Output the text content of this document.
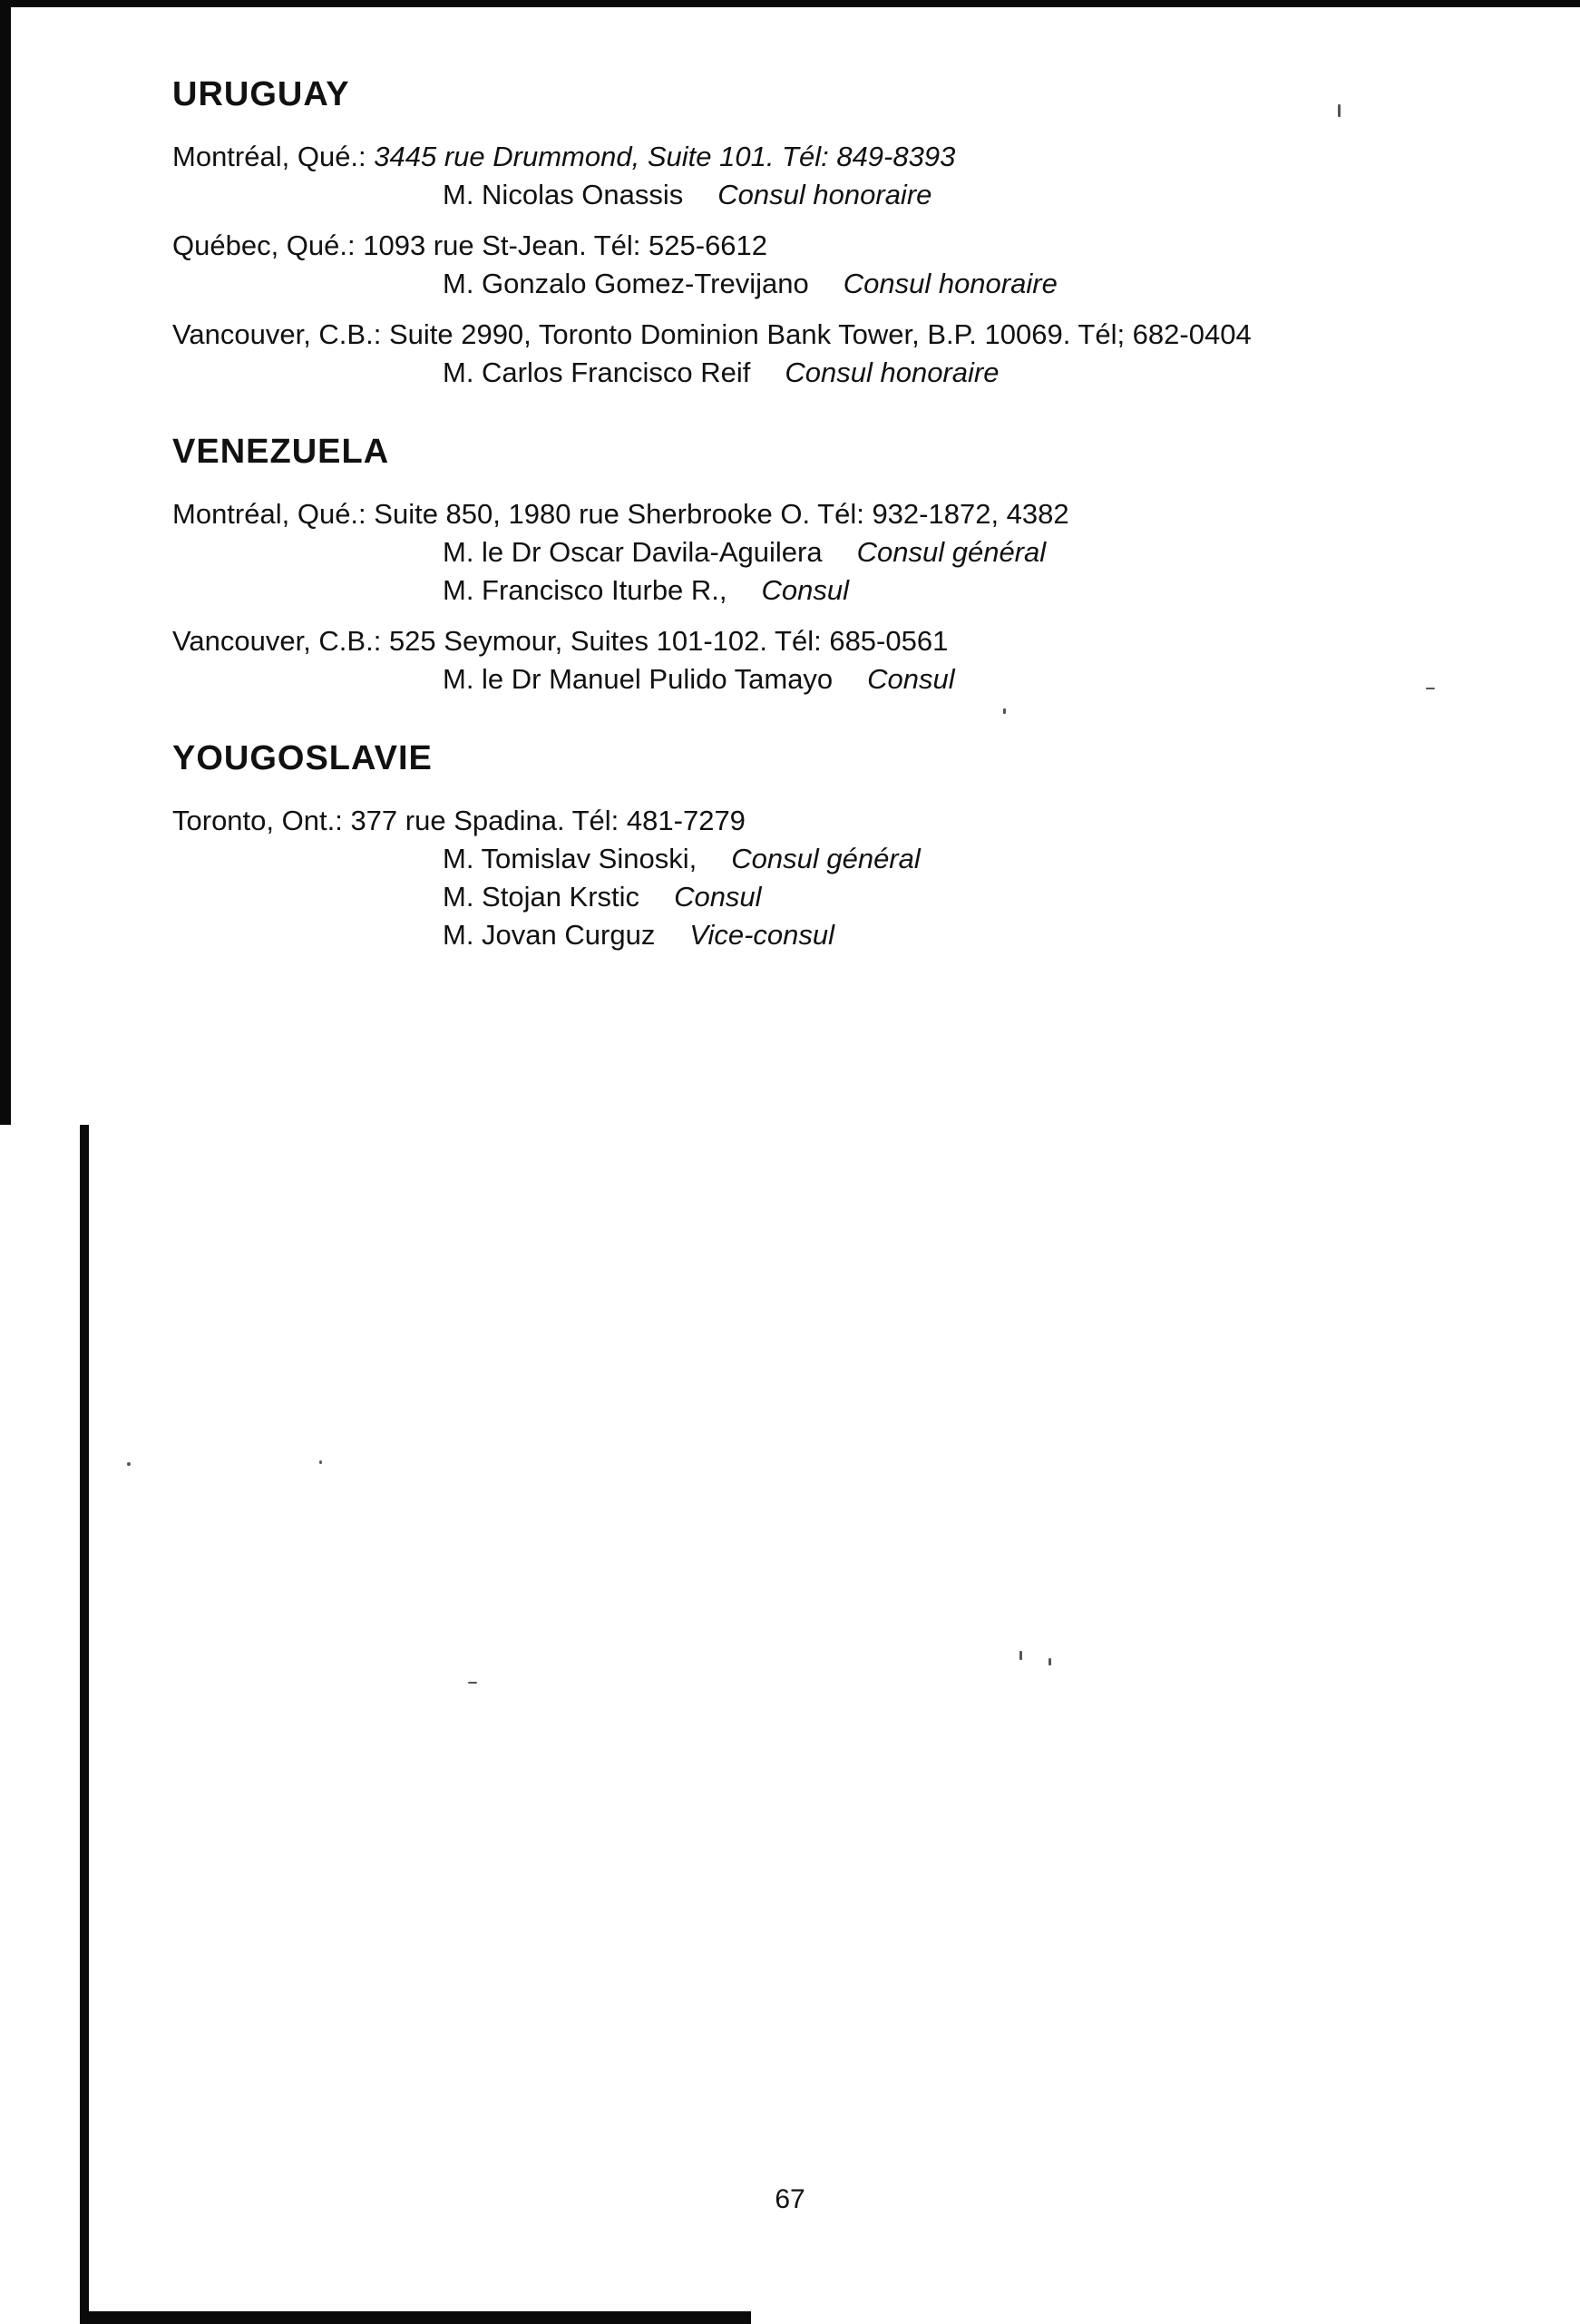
URUGUAY
Montréal, Qué.: 3445 rue Drummond, Suite 101. Tél: 849-8393
M. Nicolas Onassis Consul honoraire
Québec, Qué.: 1093 rue St-Jean. Tél: 525-6612
M. Gonzalo Gomez-Trevijano Consul honoraire
Vancouver, C.B.: Suite 2990, Toronto Dominion Bank Tower, B.P. 10069. Tél; 682-0404
M. Carlos Francisco Reif Consul honoraire
VENEZUELA
Montréal, Qué.: Suite 850, 1980 rue Sherbrooke O. Tél: 932-1872, 4382
M. le Dr Oscar Davila-Aguilera Consul général
M. Francisco Iturbe R., Consul
Vancouver, C.B.: 525 Seymour, Suites 101-102. Tél: 685-0561
M. le Dr Manuel Pulido Tamayo Consul
YOUGOSLAVIE
Toronto, Ont.: 377 rue Spadina. Tél: 481-7279
M. Tomislav Sinoski, Consul général
M. Stojan Krstic Consul
M. Jovan Curguz Vice-consul
67
